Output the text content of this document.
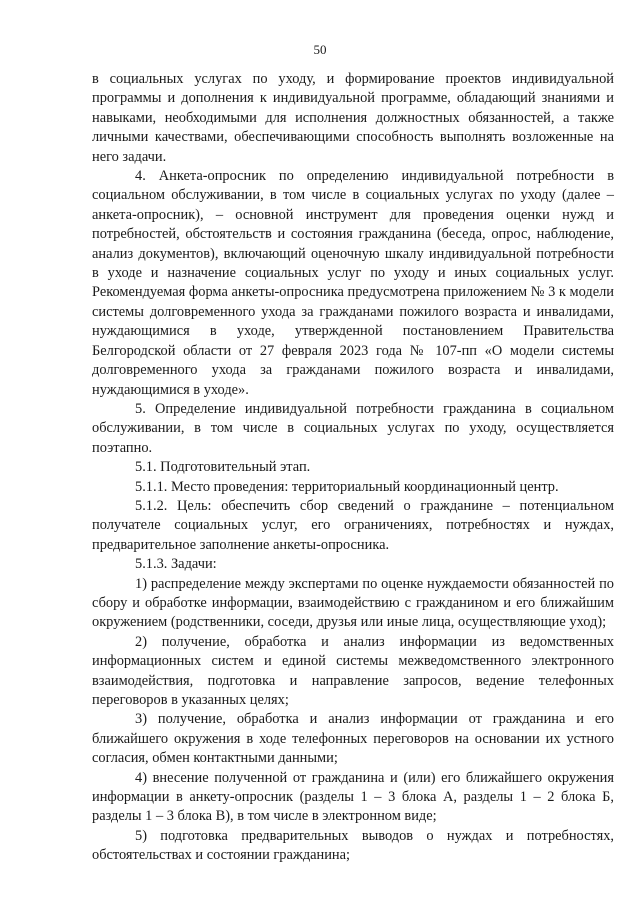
50

в социальных услугах по уходу, и формирование проектов индивидуальной программы и дополнения к индивидуальной программе, обладающий знаниями и навыками, необходимыми для исполнения должностных обязанностей, а также личными качествами, обеспечивающими способность выполнять возложенные на него задачи.

4. Анкета-опросник по определению индивидуальной потребности в социальном обслуживании, в том числе в социальных услугах по уходу (далее – анкета-опросник), – основной инструмент для проведения оценки нужд и потребностей, обстоятельств и состояния гражданина (беседа, опрос, наблюдение, анализ документов), включающий оценочную шкалу индивидуальной потребности в уходе и назначение социальных услуг по уходу и иных социальных услуг. Рекомендуемая форма анкеты-опросника предусмотрена приложением № 3 к модели системы долговременного ухода за гражданами пожилого возраста и инвалидами, нуждающимися в уходе, утвержденной постановлением Правительства Белгородской области от 27 февраля 2023 года № 107-пп «О модели системы долговременного ухода за гражданами пожилого возраста и инвалидами, нуждающимися в уходе».

5. Определение индивидуальной потребности гражданина в социальном обслуживании, в том числе в социальных услугах по уходу, осуществляется поэтапно.

5.1. Подготовительный этап.

5.1.1. Место проведения: территориальный координационный центр.

5.1.2. Цель: обеспечить сбор сведений о гражданине – потенциальном получателе социальных услуг, его ограничениях, потребностях и нуждах, предварительное заполнение анкеты-опросника.

5.1.3. Задачи:

1) распределение между экспертами по оценке нуждаемости обязанностей по сбору и обработке информации, взаимодействию с гражданином и его ближайшим окружением (родственники, соседи, друзья или иные лица, осуществляющие уход);

2) получение, обработка и анализ информации из ведомственных информационных систем и единой системы межведомственного электронного взаимодействия, подготовка и направление запросов, ведение телефонных переговоров в указанных целях;

3) получение, обработка и анализ информации от гражданина и его ближайшего окружения в ходе телефонных переговоров на основании их устного согласия, обмен контактными данными;

4) внесение полученной от гражданина и (или) его ближайшего окружения информации в анкету-опросник (разделы 1 – 3 блока А, разделы 1 – 2 блока Б, разделы 1 – 3 блока В), в том числе в электронном виде;

5) подготовка предварительных выводов о нуждах и потребностях, обстоятельствах и состоянии гражданина;
